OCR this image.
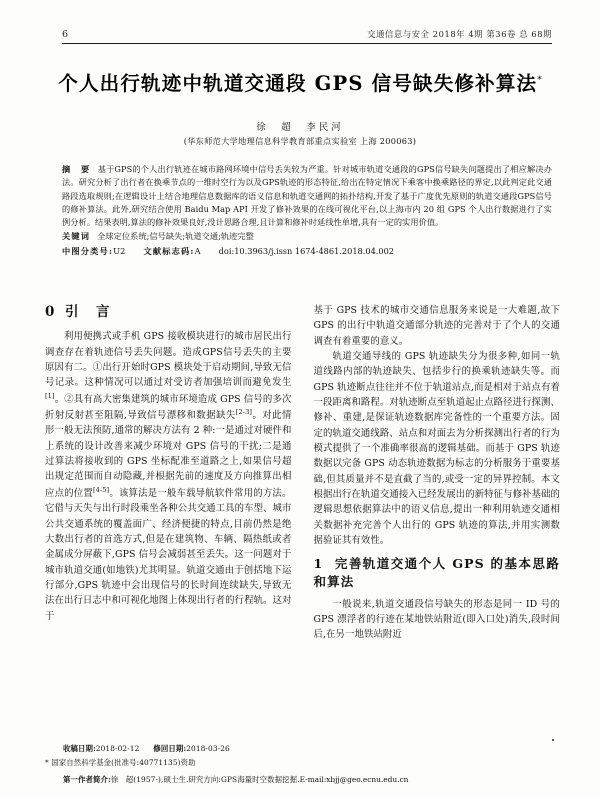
6	交通信息与安全 2018年 4期 第36卷 总 68期
个人出行轨迹中轨道交通段 GPS 信号缺失修补算法*
徐　超　李民河
(华东师范大学地理信息科学教育部重点实验室 上海 200063)

摘　要 基于GPS的个人出行轨迹在城市路网环境中信号丢失较为严重。针对城市轨道交通段的GPS信号缺失问题提出了相应解决办法。研究分析了出行者在换乘节点的一维时空行为以及GPS轨迹的形态特征,给出在特定情况下乘客中换乘路径的界定,以此判定此交通路段选取规则;在逻辑设计上结合地理信息数据库的语义信息和轨道交通网的拓扑结构,开发了基于广度优先原则的轨道交通段GPS信号的修补算法。此外,研究结合使用 Baidu Map API 开发了修补效果的在线可视化平台,以上海市内 20 组 GPS 个人出行数据进行了实例分析。结果表明,算法的修补效果良好,没计思路合理,且计算和修补时延线性单增,具有一定的实用价值。

关键词 全球定位系统;信号缺失;轨道交通;轨迹完整

中图分类号:U2 文献标志码:A doi:10.3963/j.issn 1674-4861.2018.04.002

0 引　言

利用便携式或手机 GPS 接收模块进行的城市居民出行调查存在着轨迹信号丢失问题。造成GPS信号丢失的主要原因有二。①出行开始时GPS 模块处于启动期间,导致无信号记录。这种情况可以通过对受访者加强培训而避免发生[1]。②具有高大密集建筑的城市环境造成 GPS 信号的多次折射反射甚至阻隔,导致信号漂移和数据缺失[2-3]。对此情形一般无法预防,通常的解决方法有 2 种:一是通过对硬件和上系统的设计改善来减少环境对 GPS 信号的干扰;二是通过算法将接收到的 GPS 坐标配准至道路之上,如果信号超出规定范围而自动隐藏,并根据先前的速度及方向推算出相应点的位置[4-5]。该算法是一般车载导航软件常用的方法。它借与天失与出行时段乘坐各种公共交通工具的车型、城市公共交通系统的覆盖面广、经济便捷的特点,目前仍然是绝大数出行者的首选方式,但是在建筑物、车辆、隔热纸或者金属成分屏蔽下,GPS 信号会减弱甚至丢失。这一问题对于城市轨道交通(如地铁)尤其明显。轨道交通由于创括地下运行部分,GPS 轨迹中会出现信号的长时间连续缺失,导致无法在出行日志中和可视化地图上体现出行者的行程轨。这对于

基于 GPS 技术的城市交通信息服务来说是一大难题,故下 GPS 的出行中轨道交通部分轨迹的完善对于了个人的交通调查有着重要的意义。

轨道交通导线的 GPS 轨迹缺失分为很多种,如同一轨道线路内部的轨迹缺失、包括步行的换乘轨迹缺失等。而 GPS 轨迹断点往往并不位于轨道站点,而是相对于站点有着一段距离和路程。对轨迹断点至轨道起止点路径进行探测、修补、重建,是保证轨迹数据库完备性的一个重要方法。固定的轨道交通线路、站点和对面去为分析探测出行者的行为模式提供了一个准确率很高的逻辑基础。而基于 GPS 轨迹数据以完备 GPS 动态轨迹数据为标志的分析服务于重要基础,但其质量并不是直截了当的,或受一定的异界控制。本文根据出行在轨道交通接入已经发展出的新特征与修补基础的逻辑思想依据算法中的语义信息,提出一种利用轨迹交通相关数据补充完善个人出行的 GPS 轨迹的算法,并用实测数据验证其有效性。

1 完善轨道交通个人 GPS 的基本思路和算法

一般说来,轨道交通段信号缺失的形态是同一 ID 号的 GPS 漂浮者的行迹在某地铁站附近(即入口处)消失,段时间后,在另一地铁站附近

收稿日期:2018-02-12 修回日期:2018-03-26
* 国家自然科学基金(批准号:40771135)资助
第一作者简介:徐　超(1957-),硕士生.研究方向:GPS海量时空数据挖掘.E-mail:xbjj@geo.ecnu.edu.cn
